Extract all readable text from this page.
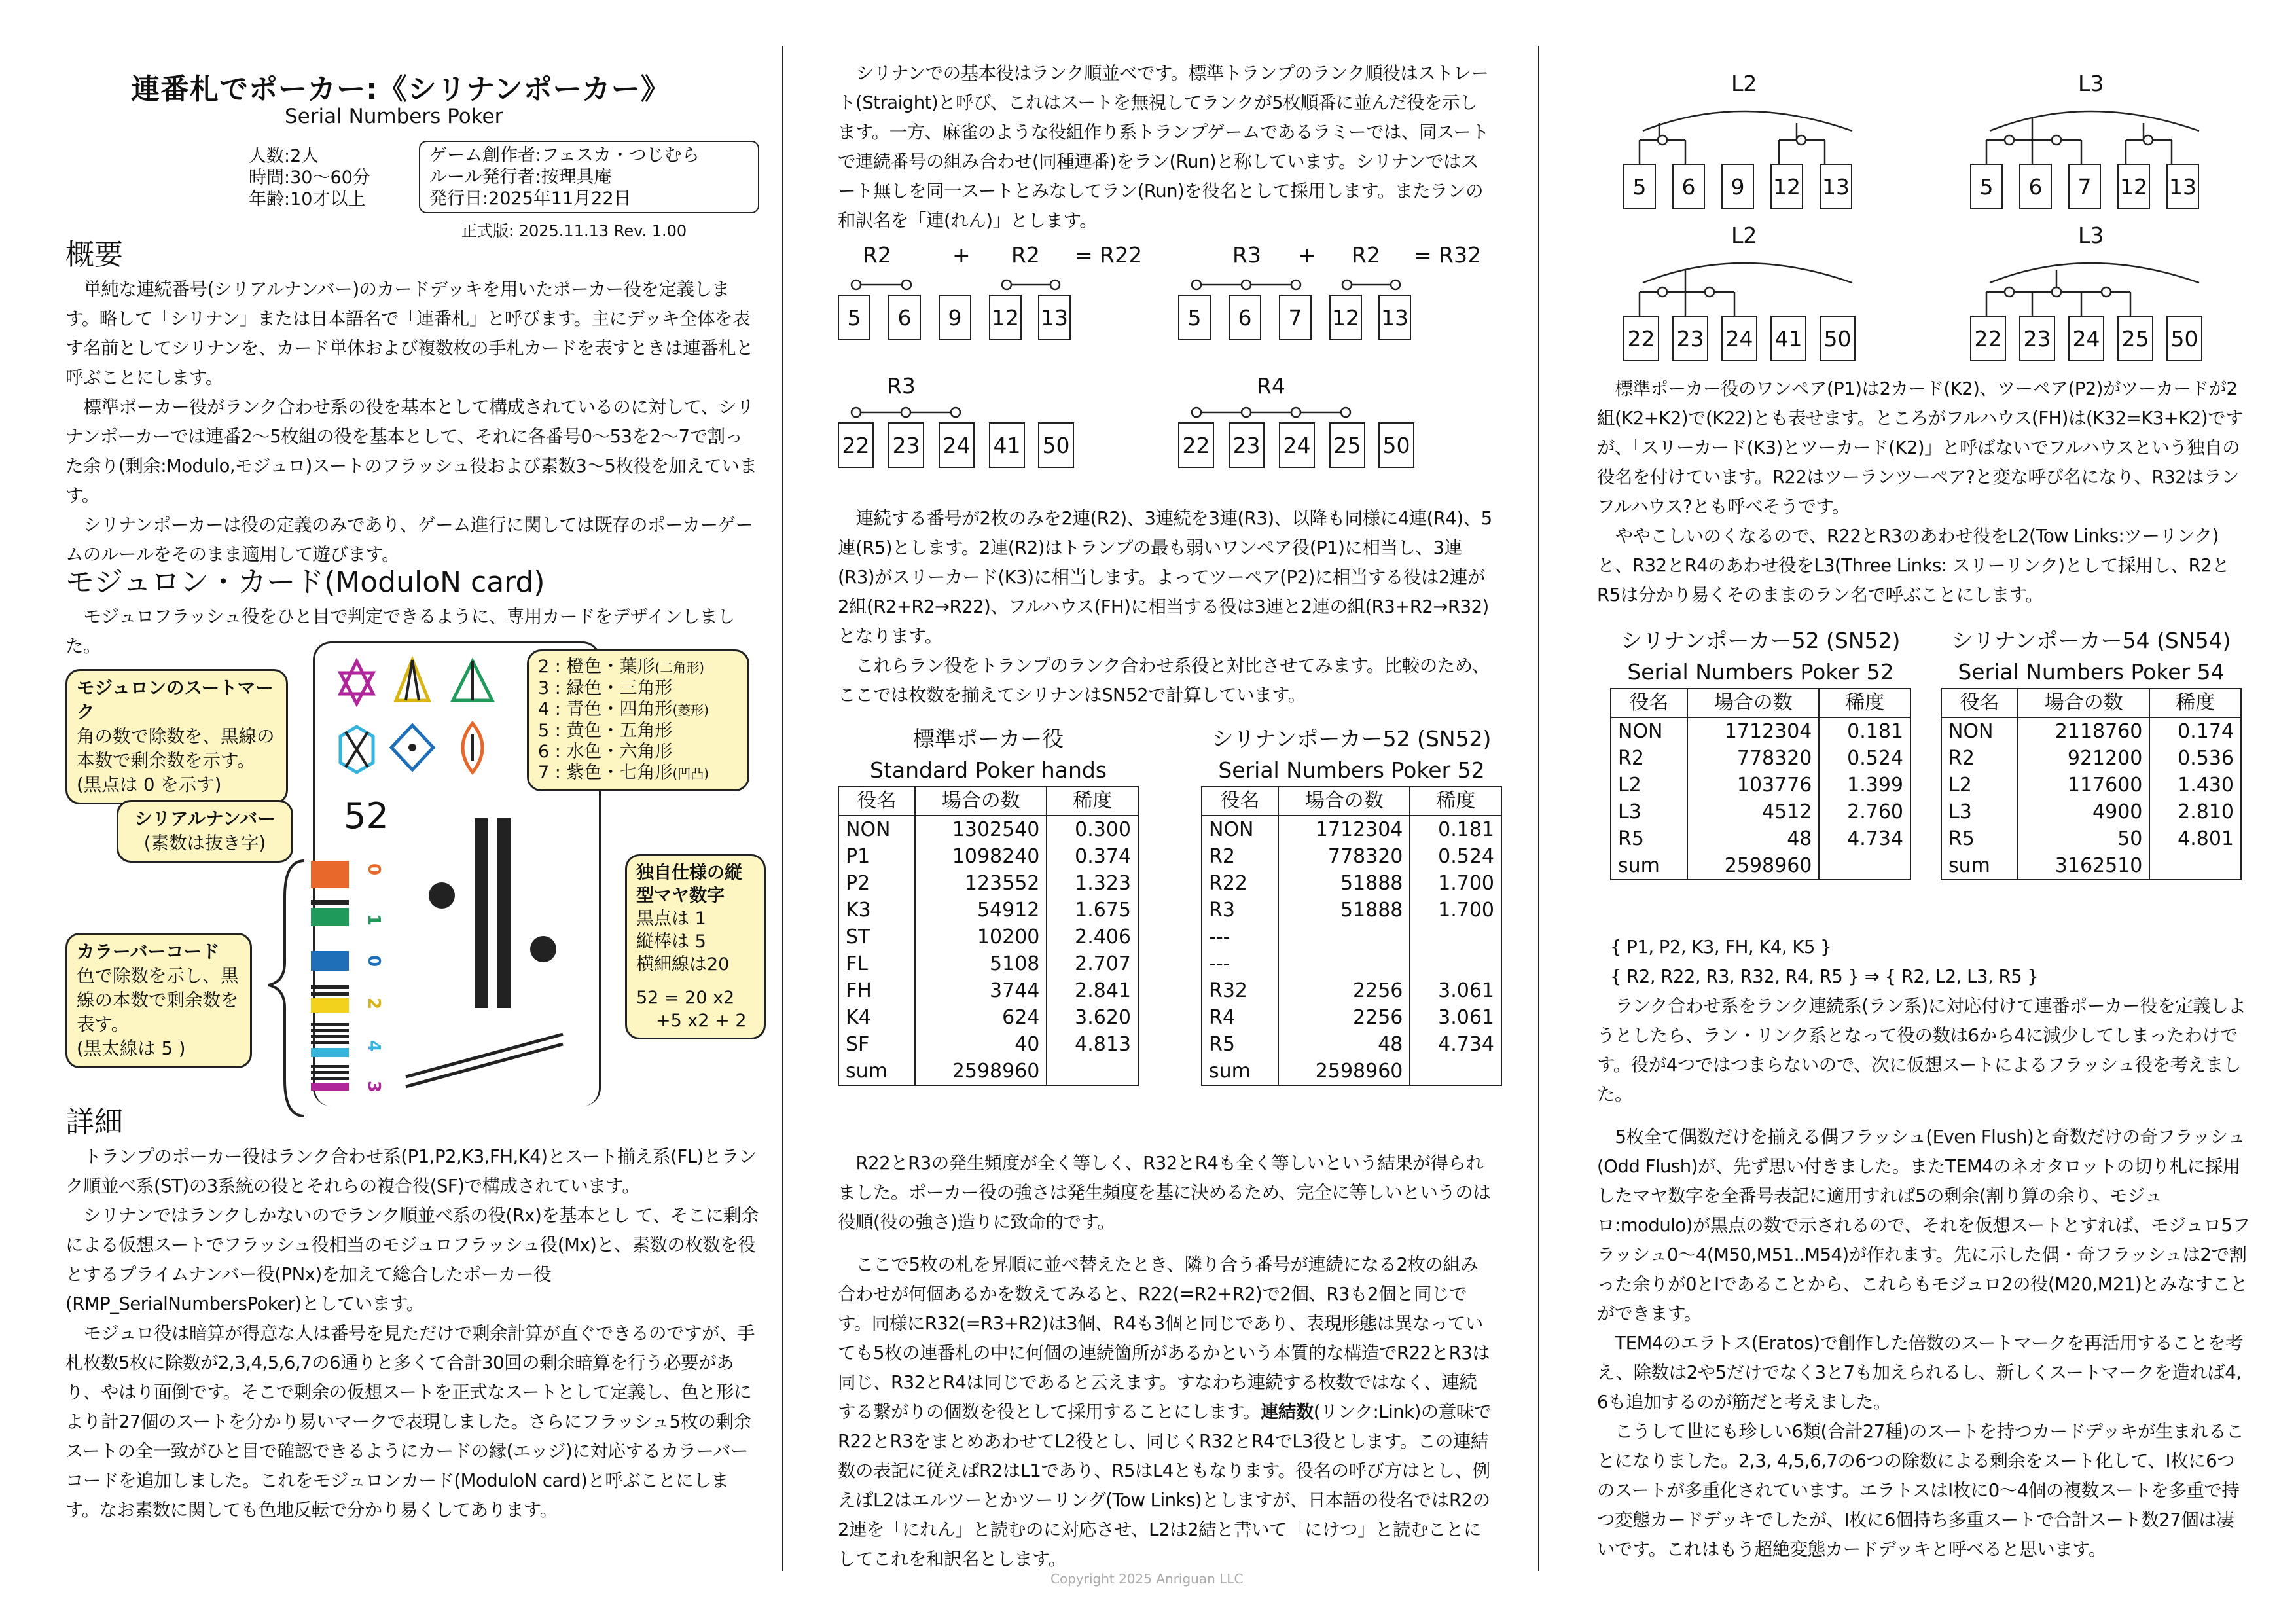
連番札でポーカー:《シリナンポーカー》
Serial Numbers Poker
人数:2人
時間:30〜60分
年齢:10才以上
ゲーム創作者:フェスカ・つじむら
ルール発行者:按理具庵
発行日:2025年11月22日
正式版: 2025.11.13 Rev. 1.00
概要
単純な連続番号(シリアルナンバー)のカードデッキを用いたポーカー役を定義します。略して「シリナン」または日本語名で「連番札」と呼びます。主にデッキ全体を表す名前としてシリナンを、カード単体および複数枚の手札カードを表すときは連番札と呼ぶことにします。
標準ポーカー役がランク合わせ系の役を基本として構成されているのに対して、シリナンポーカーでは連番2〜5枚組の役を基本として、それに各番号0〜53を2〜7で割った余り(剰余:Modulo,モジュロ)スートのフラッシュ役および素数3〜5枚役を加えています。
シリナンポーカーは役の定義のみであり、ゲーム進行に関しては既存のポーカーゲームのルールをそのまま適用して遊びます。
モジュロン・カード(ModuloN card)
モジュロフラッシュ役をひと目で判定できるように、専用カードをデザインしました。
52
0
1
0
2
4
3
モジュロンのスートマーク
角の数で除数を、黒線の本数で剰余数を示す。
(黒点は 0 を示す)
シリアルナンバー
(素数は抜き字)
カラーバーコード
色で除数を示し、黒線の本数で剰余数を表す。
(黒太線は 5 )
2 : 橙色・葉形(二角形)
3 : 緑色・三角形
4 : 青色・四角形(菱形)
5 : 黄色・五角形
6 : 水色・六角形
7 : 紫色・七角形(凹凸)
独自仕様の縦型マヤ数字
黒点は 1
縦棒は 5
横細線は20
52 = 20 x2
+5 x2 + 2
詳細
トランプのポーカー役はランク合わせ系(P1,P2,K3,FH,K4)とスート揃え系(FL)とランク順並べ系(ST)の3系統の役とそれらの複合役(SF)で構成されています。
シリナンではランクしかないのでランク順並べ系の役(Rx)を基本とし て、そこに剰余による仮想スートでフラッシュ役相当のモジュロフラッシュ役(Mx)と、素数の枚数を役とするプライムナンバー役(PNx)を加えて総合したポーカー役(RMP_SerialNumbersPoker)としています。
モジュロ役は暗算が得意な人は番号を見ただけで剰余計算が直ぐできるのですが、手札枚数5枚に除数が2,3,4,5,6,7の6通りと多くて合計30回の剰余暗算を行う必要があり、やはり面倒です。そこで剰余の仮想スートを正式なスートとして定義し、色と形により計27個のスートを分かり易いマークで表現しました。さらにフラッシュ5枚の剰余スートの全一致がひと目で確認できるようにカードの縁(エッジ)に対応するカラーバーコードを追加しました。これをモジュロンカード(ModuloN card)と呼ぶことにします。なお素数に関しても色地反転で分かり易くしてあります。
シリナンでの基本役はランク順並べです。標準トランプのランク順役はストレート(Straight)と呼び、これはスートを無視してランクが5枚順番に並んだ役を示します。一方、麻雀のような役組作り系トランプゲームであるラミーでは、同スートで連続番号の組み合わせ(同種連番)をラン(Run)と称しています。シリナンではスート無しを同一スートとみなしてラン(Run)を役名として採用します。またランの和訳名を「連(れん)」とします。
R2	+ R2 = R22
5	6	9	12 13
R3 + R2 = R32
5	6	7	12 13
R3
22 23 24 41 50
R4
22 23 24 25 50
連続する番号が2枚のみを2連(R2)、3連続を3連(R3)、以降も同様に4連(R4)、5連(R5)とします。2連(R2)はトランプの最も弱いワンペア役(P1)に相当し、3連(R3)がスリーカード(K3)に相当します。よってツーペア(P2)に相当する役は2連が2組(R2+R2→R22)、フルハウス(FH)に相当する役は3連と2連の組(R3+R2→R32)となります。
これらラン役をトランプのランク合わせ系役と対比させてみます。比較のため、ここでは枚数を揃えてシリナンはSN52で計算しています。
標準ポーカー役
Standard Poker hands
役名	場合の数	稀度
NON	1302540	0.300
P1	1098240	0.374
P2	123552	1.323
K3	54912	1.675
ST	10200	2.406
FL	5108	2.707
FH	3744	2.841
K4	624	3.620
SF	40	4.813
sum	2598960	
シリナンポーカー52 (SN52)
Serial Numbers Poker 52
役名	場合の数	稀度
NON	1712304	0.181
R2	778320	0.524
R22	51888	1.700
R3	51888	1.700
---		
---		
R32	2256	3.061
R4	2256	3.061
R5	48	4.734
sum	2598960	
R22とR3の発生頻度が全く等しく、R32とR4も全く等しいという結果が得られました。ポーカー役の強さは発生頻度を基に決めるため、完全に等しいというのは役順(役の強さ)造りに致命的です。
ここで5枚の札を昇順に並べ替えたとき、隣り合う番号が連続になる2枚の組み合わせが何個あるかを数えてみると、R22(=R2+R2)で2個、R3も2個と同じです。同様にR32(=R3+R2)は3個、R4も3個と同じであり、表現形態は異なっていても5枚の連番札の中に何個の連続箇所があるかという本質的な構造でR22とR3は同じ、R32とR4は同じであると云えます。すなわち連続する枚数ではなく、連続する繋がりの個数を役として採用することにします。連結数(リンク:Link)の意味でR22とR3をまとめあわせてL2役とし、同じくR32とR4でL3役とします。この連結数の表記に従えばR2はL1であり、R5はL4ともなります。役名の呼び方はとし、例えばL2はエルツーとかツーリング(Tow Links)としますが、日本語の役名ではR2の2連を「にれん」と読むのに対応させ、L2は2結と書いて「にけつ」と読むことにしてこれを和訳名とします。
Copyright 2025 Anriguan LLC
L2
5	6	9	12 13
L3
5	6	7	12 13
L2
22 23 24 41 50
L3
22 23 24 25 50
標準ポーカー役のワンペア(P1)は2カード(K2)、ツーペア(P2)がツーカードが2組(K2+K2)で(K22)とも表せます。ところがフルハウス(FH)は(K32=K3+K2)ですが、「スリーカード(K3)とツーカード(K2)」と呼ばないでフルハウスという独自の役名を付けています。R22はツーランツーペア?と変な呼び名になり、R32はランフルハウス?とも呼べそうです。
ややこしいのくなるので、R22とR3のあわせ役をL2(Tow Links:ツーリンク)と、R32とR4のあわせ役をL3(Three Links: スリーリンク)として採用し、R2とR5は分かり易くそのままのラン名で呼ぶことにします。
シリナンポーカー52 (SN52)
Serial Numbers Poker 52
役名	場合の数	稀度
NON	1712304	0.181
R2	778320	0.524
L2	103776	1.399
L3	4512	2.760
R5	48	4.734
sum	2598960	
シリナンポーカー54 (SN54)
Serial Numbers Poker 54
役名	場合の数	稀度
NON	2118760	0.174
R2	921200	0.536
L2	117600	1.430
L3	4900	2.810
R5	50	4.801
sum	3162510	
{ P1, P2, K3, FH, K4, K5 }
{ R2, R22, R3, R32, R4, R5 } ⇒ { R2, L2, L3, R5 }
ランク合わせ系をランク連続系(ラン系)に対応付けて連番ポーカー役を定義しようとしたら、ラン・リンク系となって役の数は6から4に減少してしまったわけです。役が4つではつまらないので、次に仮想スートによるフラッシュ役を考えました。
5枚全て偶数だけを揃える偶フラッシュ(Even Flush)と奇数だけの奇フラッシュ(Odd Flush)が、先ず思い付きました。またTEM4のネオタロットの切り札に採用したマヤ数字を全番号表記に適用すれば5の剰余(割り算の余り、モジュロ:modulo)が黒点の数で示されるので、それを仮想スートとすれば、モジュロ5フラッシュ0〜4(M50,M51..M54)が作れます。先に示した偶・奇フラッシュは2で割った余りが0とIであることから、これらもモジュロ2の役(M20,M21)とみなすことができます。
TEM4のエラトス(Eratos)で創作した倍数のスートマークを再活用することを考え、除数は2や5だけでなく3と7も加えられるし、新しくスートマークを造れば4, 6も追加するのが筋だと考えました。
こうして世にも珍しい6類(合計27種)のスートを持つカードデッキが生まれることになりました。2,3, 4,5,6,7の6つの除数による剰余をスート化して、I枚に6つのスートが多重化されています。エラトスはI枚に0〜4個の複数スートを多重で持つ変態カードデッキでしたが、I枚に6個持ち多重スートで合計スート数27個は凄いです。これはもう超絶変態カードデッキと呼べると思います。
